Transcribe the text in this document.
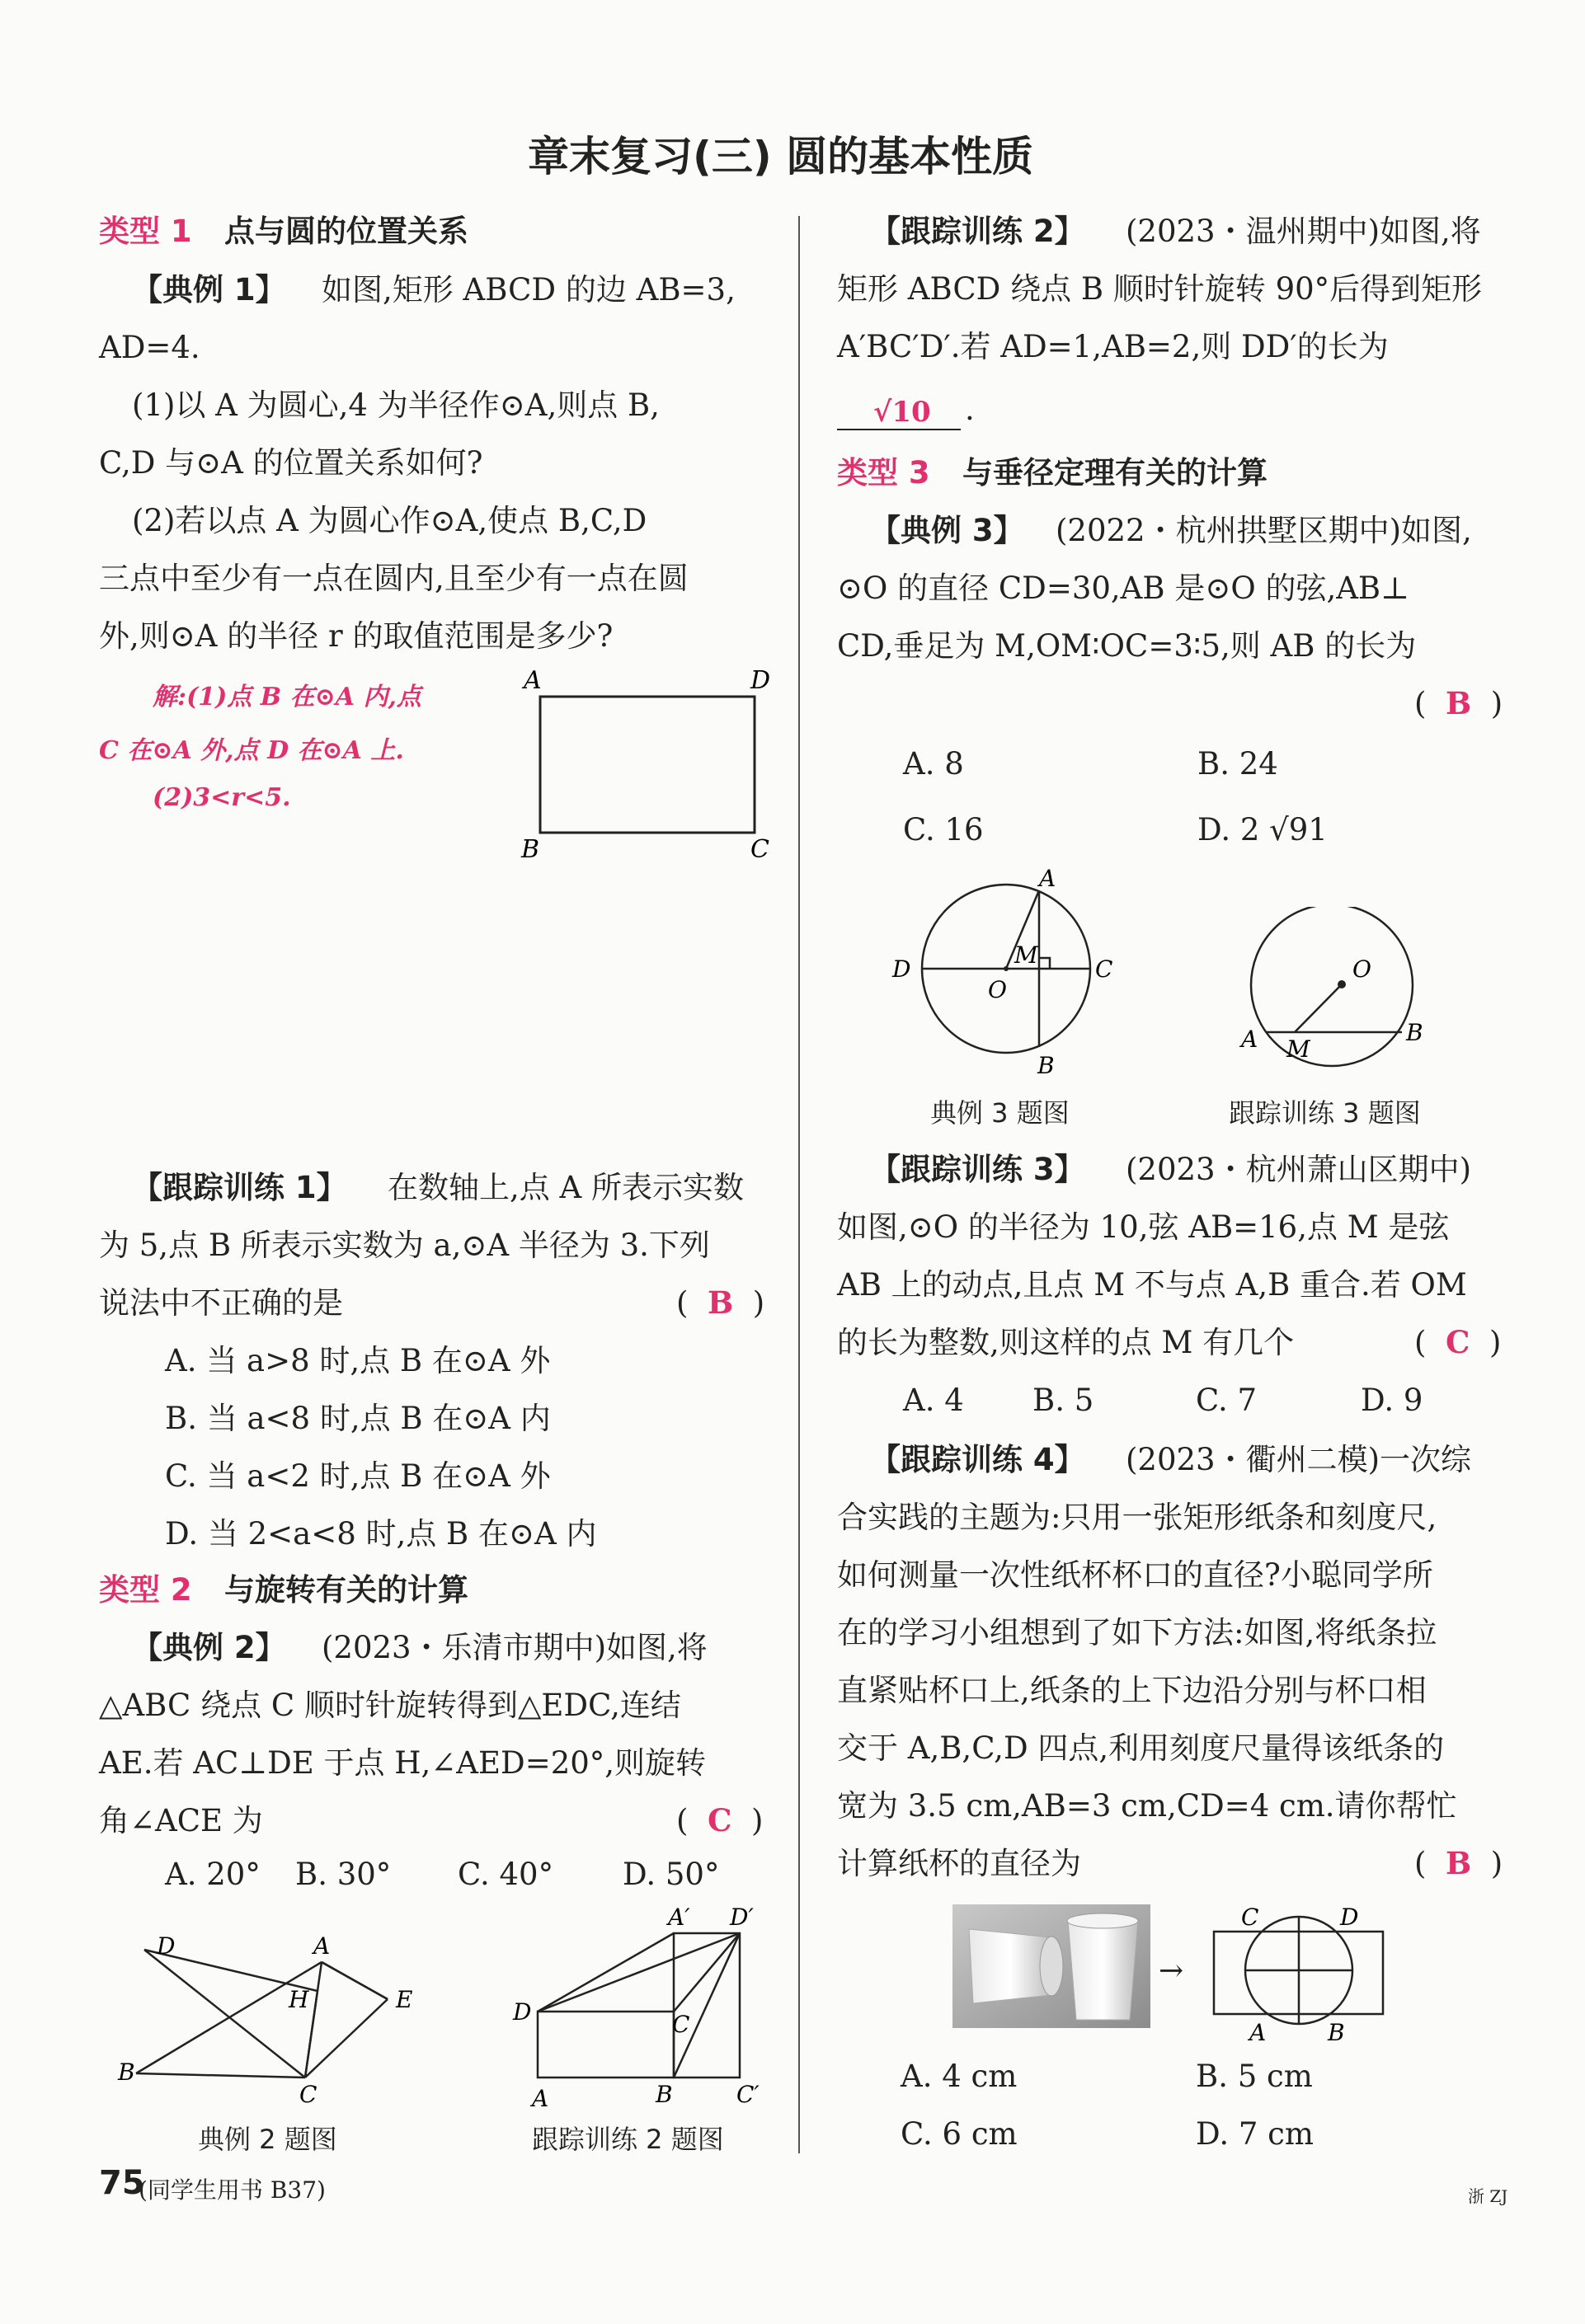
章末复习(三) 圆的基本性质
类型 1 点与圆的位置关系
【典例 1】 如图,矩形 ABCD 的边 AB=3,
AD=4.
(1)以 A 为圆心,4 为半径作⊙A,则点 B,
C,D 与⊙A 的位置关系如何?
(2)若以点 A 为圆心作⊙A,使点 B,C,D
三点中至少有一点在圆内,且至少有一点在圆
外,则⊙A 的半径 r 的取值范围是多少?
解:(1)点 B 在⊙A 内,点
C 在⊙A 外,点 D 在⊙A 上.
(2)3<r<5.
A	D
B	C
【跟踪训练 1】 在数轴上,点 A 所表示实数
为 5,点 B 所表示实数为 a,⊙A 半径为 3.下列
说法中不正确的是	(  B  )
A. 当 a>8 时,点 B 在⊙A 外
B. 当 a<8 时,点 B 在⊙A 内
C. 当 a<2 时,点 B 在⊙A 外
D. 当 2<a<8 时,点 B 在⊙A 内
类型 2 与旋转有关的计算
【典例 2】 (2023・乐清市期中)如图,将
△ABC 绕点 C 顺时针旋转得到△EDC,连结
AE.若 AC⊥DE 于点 H,∠AED=20°,则旋转
角∠ACE 为	(  C  )
A. 20° B. 30° C. 40° D. 50°
D	A
H	E
B
C
典例 2 题图
A′ D′
D	C
A	B	C′
跟踪训练 2 题图
75
(同学生用书 B37)
【跟踪训练 2】 (2023・温州期中)如图,将
矩形 ABCD 绕点 B 顺时针旋转 90°后得到矩形
A′BC′D′.若 AD=1,AB=2,则 DD′的长为
√10 .
类型 3 与垂径定理有关的计算
【典例 3】 (2022・杭州拱墅区期中)如图,
⊙O 的直径 CD=30,AB 是⊙O 的弦,AB⊥
CD,垂足为 M,OM∶OC=3∶5,则 AB 的长为
(  B  )
A. 8	B. 24
C. 16	D. 2 √91
A
D
M
C
O
B
典例 3 题图
O
A M
B
跟踪训练 3 题图
【跟踪训练 3】 (2023・杭州萧山区期中)
如图,⊙O 的半径为 10,弦 AB=16,点 M 是弦
AB 上的动点,且点 M 不与点 A,B 重合.若 OM
的长为整数,则这样的点 M 有几个	(  C  )
A. 4 B. 5	C. 7	D. 9
【跟踪训练 4】 (2023・衢州二模)一次综
合实践的主题为:只用一张矩形纸条和刻度尺,
如何测量一次性纸杯杯口的直径?小聪同学所
在的学习小组想到了如下方法:如图,将纸条拉
直紧贴杯口上,纸条的上下边沿分别与杯口相
交于 A,B,C,D 四点,利用刻度尺量得该纸条的
宽为 3.5 cm,AB=3 cm,CD=4 cm.请你帮忙
计算纸杯的直径为	(  B  )
→
C	D
A	B
A. 4 cm	B. 5 cm
C. 6 cm	D. 7 cm
浙 ZJ
